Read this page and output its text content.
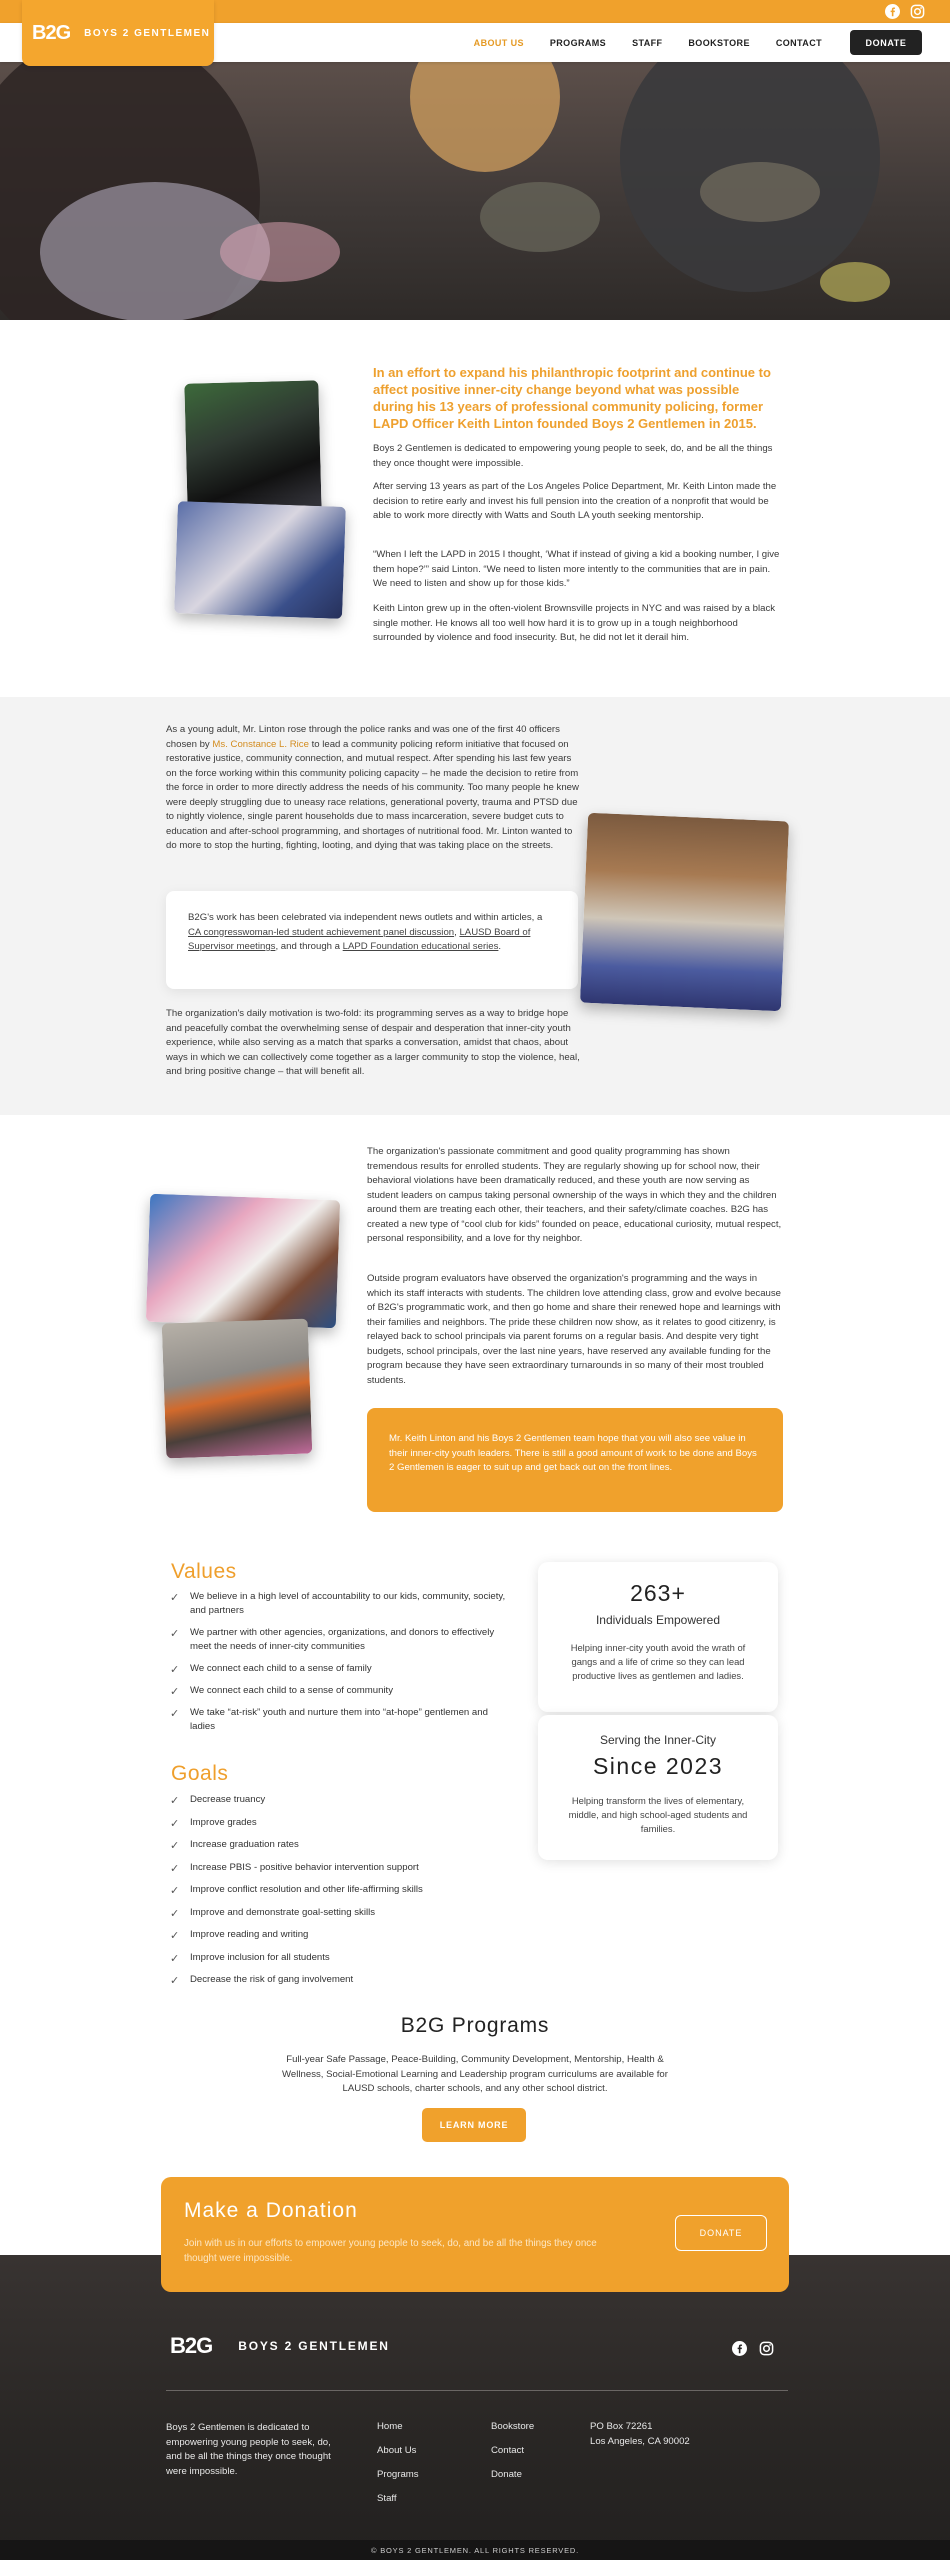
B2G BOYS 2 GENTLEMEN
ABOUT US	PROGRAMS	STAFF	BOOKSTORE	CONTACT	DONATE
In an effort to expand his philanthropic footprint and continue to affect positive inner-city change beyond what was possible during his 13 years of professional community policing, former LAPD Officer Keith Linton founded Boys 2 Gentlemen in 2015.

Boys 2 Gentlemen is dedicated to empowering young people to seek, do, and be all the things they once thought were impossible.

After serving 13 years as part of the Los Angeles Police Department, Mr. Keith Linton made the decision to retire early and invest his full pension into the creation of a nonprofit that would be able to work more directly with Watts and South LA youth seeking mentorship.

“When I left the LAPD in 2015 I thought, ‘What if instead of giving a kid a booking number, I give them hope?’” said Linton. “We need to listen more intently to the communities that are in pain. We need to listen and show up for those kids.”

Keith Linton grew up in the often-violent Brownsville projects in NYC and was raised by a black single mother. He knows all too well how hard it is to grow up in a tough neighborhood surrounded by violence and food insecurity. But, he did not let it derail him.

As a young adult, Mr. Linton rose through the police ranks and was one of the first 40 officers chosen by Ms. Constance L. Rice to lead a community policing reform initiative that focused on restorative justice, community connection, and mutual respect. After spending his last few years on the force working within this community policing capacity – he made the decision to retire from the force in order to more directly address the needs of his community. Too many people he knew were deeply struggling due to uneasy race relations, generational poverty, trauma and PTSD due to nightly violence, single parent households due to mass incarceration, severe budget cuts to education and after-school programming, and shortages of nutritional food. Mr. Linton wanted to do more to stop the hurting, fighting, looting, and dying that was taking place on the streets.

B2G's work has been celebrated via independent news outlets and within articles, a CA congresswoman-led student achievement panel discussion, LAUSD Board of Supervisor meetings, and through a LAPD Foundation educational series.

The organization's daily motivation is two-fold: its programming serves as a way to bridge hope and peacefully combat the overwhelming sense of despair and desperation that inner-city youth experience, while also serving as a match that sparks a conversation, amidst that chaos, about ways in which we can collectively come together as a larger community to stop the violence, heal, and bring positive change – that will benefit all.

The organization's passionate commitment and good quality programming has shown tremendous results for enrolled students. They are regularly showing up for school now, their behavioral violations have been dramatically reduced, and these youth are now serving as student leaders on campus taking personal ownership of the ways in which they and the children around them are treating each other, their teachers, and their safety/climate coaches. B2G has created a new type of “cool club for kids” founded on peace, educational curiosity, mutual respect, personal responsibility, and a love for thy neighbor.

Outside program evaluators have observed the organization's programming and the ways in which its staff interacts with students. The children love attending class, grow and evolve because of B2G's programmatic work, and then go home and share their renewed hope and learnings with their families and neighbors. The pride these children now show, as it relates to good citizenry, is relayed back to school principals via parent forums on a regular basis. And despite very tight budgets, school principals, over the last nine years, have reserved any available funding for the program because they have seen extraordinary turnarounds in so many of their most troubled students.

Mr. Keith Linton and his Boys 2 Gentlemen team hope that you will also see value in their inner-city youth leaders. There is still a good amount of work to be done and Boys 2 Gentlemen is eager to suit up and get back out on the front lines.

Values
✓ We believe in a high level of accountability to our kids, community, society, and partners
✓ We partner with other agencies, organizations, and donors to effectively meet the needs of inner-city communities
✓ We connect each child to a sense of family
✓ We connect each child to a sense of community
✓ We take “at-risk” youth and nurture them into “at-hope” gentlemen and ladies
Goals
✓ Decrease truancy
✓ Improve grades
✓ Increase graduation rates
✓ Increase PBIS - positive behavior intervention support
✓ Improve conflict resolution and other life-affirming skills
✓ Improve and demonstrate goal-setting skills
✓ Improve reading and writing
✓ Improve inclusion for all students
✓ Decrease the risk of gang involvement
263+
Individuals Empowered
Helping inner-city youth avoid the wrath of gangs and a life of crime so they can lead productive lives as gentlemen and ladies.
Serving the Inner-City
Since 2023
Helping transform the lives of elementary, middle, and high school-aged students and families.
B2G Programs

Full-year Safe Passage, Peace-Building, Community Development, Mentorship, Health & Wellness, Social-Emotional Learning and Leadership program curriculums are available for LAUSD schools, charter schools, and any other school district.

LEARN MORE
B2G BOYS 2 GENTLEMEN

Boys 2 Gentlemen is dedicated to empowering young people to seek, do, and be all the things they once thought were impossible.

Home
About Us
Programs
Staff
Bookstore
Contact
Donate
PO Box 72261
Los Angeles, CA 90002
© BOYS 2 GENTLEMEN. ALL RIGHTS RESERVED.
Make a Donation

Join with us in our efforts to empower young people to seek, do, and be all the things they once thought were impossible.

DONATE
